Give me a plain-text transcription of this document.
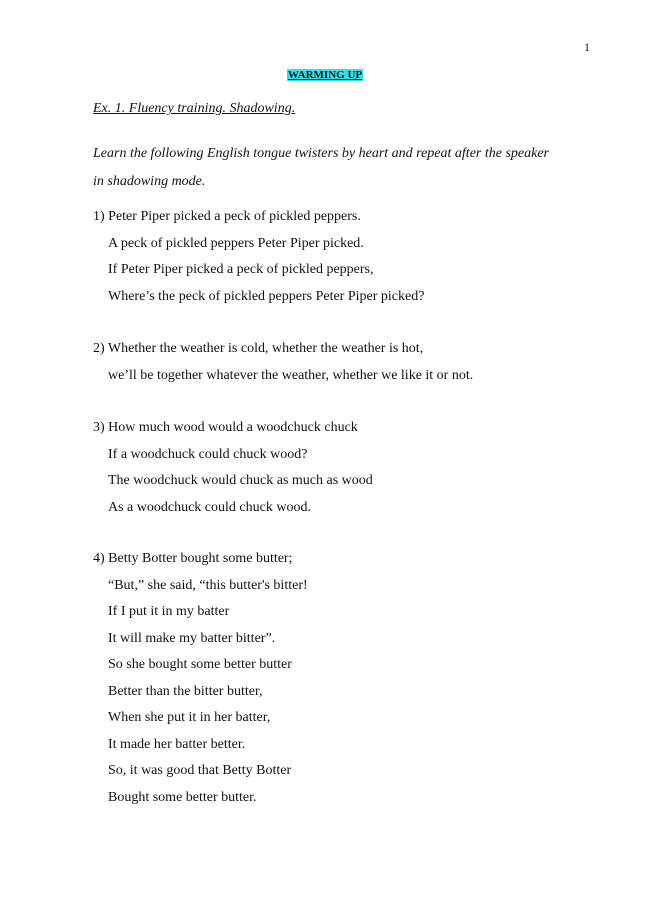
1
WARMING UP
Ex. 1. Fluency training. Shadowing.
Learn the following English tongue twisters by heart and repeat after the speaker in shadowing mode.
1) Peter Piper picked a peck of pickled peppers.
A peck of pickled peppers Peter Piper picked.
If Peter Piper picked a peck of pickled peppers,
Where’s the peck of pickled peppers Peter Piper picked?
2) Whether the weather is cold, whether the weather is hot,
we’ll be together whatever the weather, whether we like it or not.
3) How much wood would a woodchuck chuck
If a woodchuck could chuck wood?
The woodchuck would chuck as much as wood
As a woodchuck could chuck wood.
4) Betty Botter bought some butter;
“But,” she said, “this butter's bitter!
If I put it in my batter
It will make my batter bitter”.
So she bought some better butter
Better than the bitter butter,
When she put it in her batter,
It made her batter better.
So, it was good that Betty Botter
Bought some better butter.
